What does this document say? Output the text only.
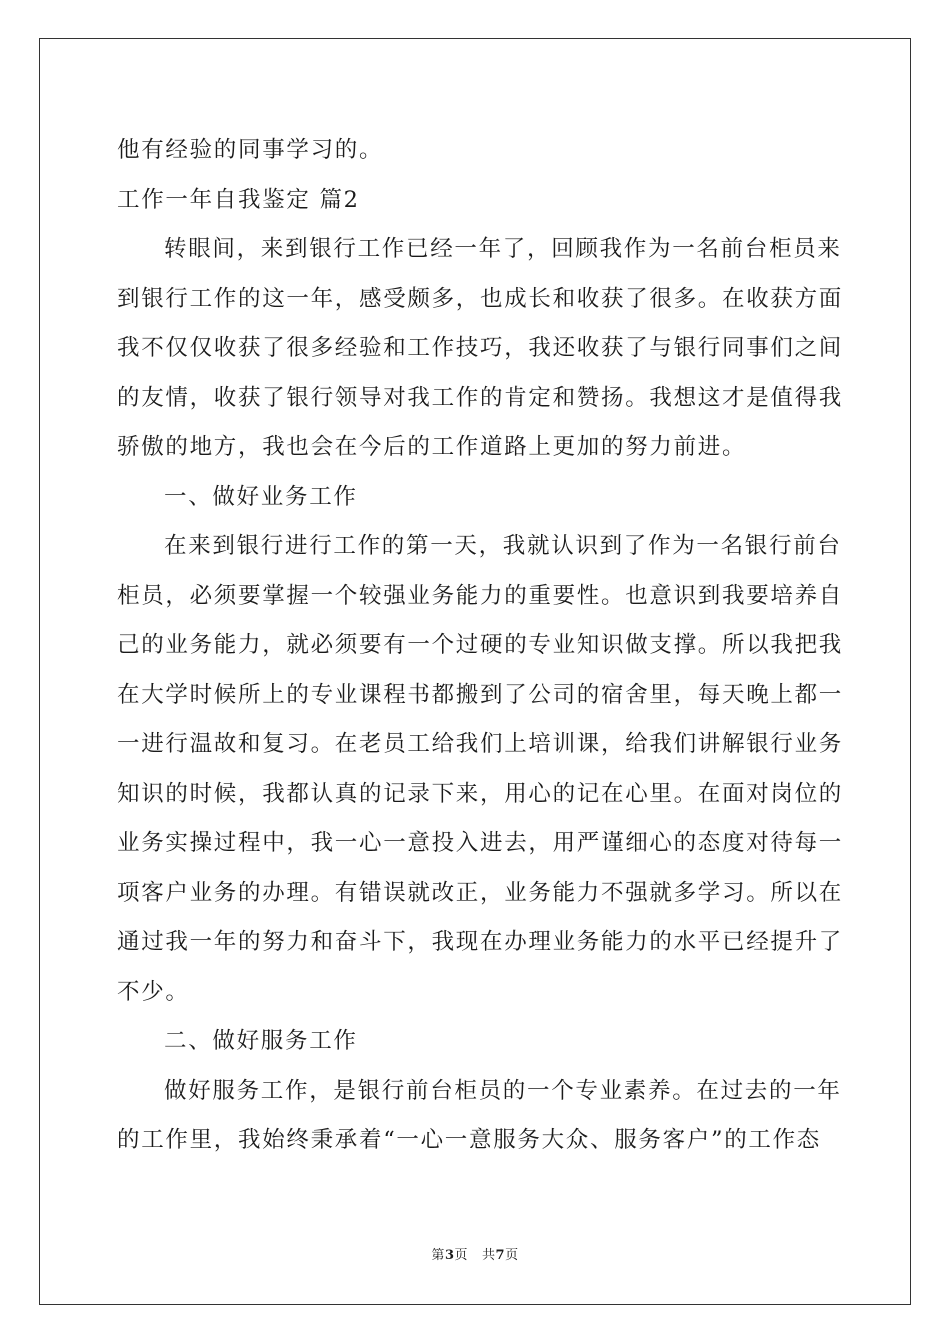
他有经验的同事学习的。

工作一年自我鉴定 篇2

转眼间，来到银行工作已经一年了，回顾我作为一名前台柜员来

到银行工作的这一年，感受颇多，也成长和收获了很多。在收获方面

我不仅仅收获了很多经验和工作技巧，我还收获了与银行同事们之间

的友情，收获了银行领导对我工作的肯定和赞扬。我想这才是值得我

骄傲的地方，我也会在今后的工作道路上更加的努力前进。

一、做好业务工作

在来到银行进行工作的第一天，我就认识到了作为一名银行前台

柜员，必须要掌握一个较强业务能力的重要性。也意识到我要培养自

己的业务能力，就必须要有一个过硬的专业知识做支撑。所以我把我

在大学时候所上的专业课程书都搬到了公司的宿舍里，每天晚上都一

一进行温故和复习。在老员工给我们上培训课，给我们讲解银行业务

知识的时候，我都认真的记录下来，用心的记在心里。在面对岗位的

业务实操过程中，我一心一意投入进去，用严谨细心的态度对待每一

项客户业务的办理。有错误就改正，业务能力不强就多学习。所以在

通过我一年的努力和奋斗下，我现在办理业务能力的水平已经提升了

不少。

二、做好服务工作

做好服务工作，是银行前台柜员的一个专业素养。在过去的一年

的工作里，我始终秉承着“一心一意服务大众、服务客户”的工作态

第3页 共7页
